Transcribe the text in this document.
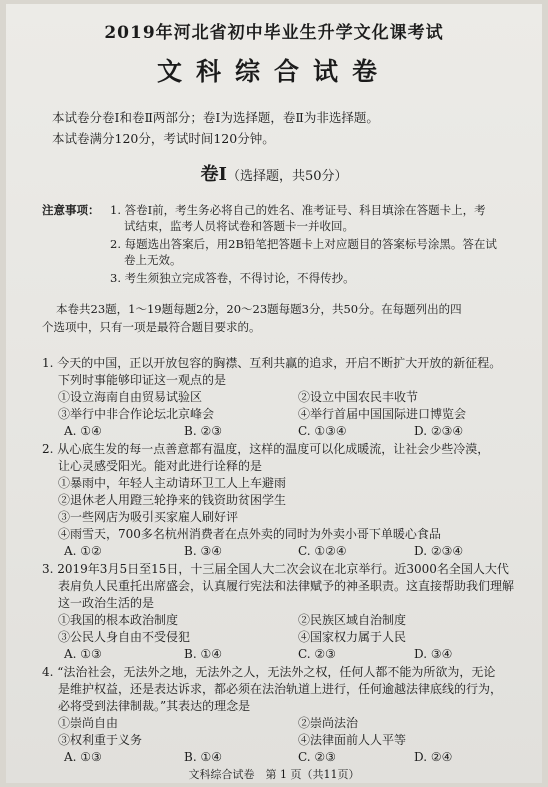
2019年河北省初中毕业生升学文化课考试
文科综合试卷
本试卷分卷Ⅰ和卷Ⅱ两部分；卷Ⅰ为选择题，卷Ⅱ为非选择题。
本试卷满分120分，考试时间120分钟。
卷Ⅰ（选择题，共50分）
注意事项： 1. 答卷Ⅰ前，考生务必将自己的姓名、准考证号、科目填涂在答题卡上，考
试结束，监考人员将试卷和答题卡一并收回。
2. 每题选出答案后，用2B铅笔把答题卡上对应题目的答案标号涂黑。答在试
卷上无效。
3. 考生须独立完成答卷，不得讨论，不得传抄。
本卷共23题，1～19题每题2分，20～23题每题3分，共50分。在每题列出的四
个选项中，只有一项是最符合题目要求的。
1. 今天的中国，正以开放包容的胸襟、互利共赢的追求，开启不断扩大开放的新征程。
下列时事能够印证这一观点的是
①设立海南自由贸易试验区	②设立中国农民丰收节
③举行中非合作论坛北京峰会	④举行首届中国国际进口博览会
A. ①④	B. ②③	C. ①③④	D. ②③④
2. 从心底生发的每一点善意都有温度，这样的温度可以化成暖流，让社会少些冷漠，
让心灵感受阳光。能对此进行诠释的是
①暴雨中，年轻人主动请环卫工人上车避雨
②退休老人用蹬三轮挣来的钱资助贫困学生
③一些网店为吸引买家雇人刷好评
④雨雪天，700多名杭州消费者在点外卖的同时为外卖小哥下单暖心食品
A. ①②	B. ③④	C. ①②④	D. ②③④
3. 2019年3月5日至15日，十三届全国人大二次会议在北京举行。近3000名全国人大代
表肩负人民重托出席盛会，认真履行宪法和法律赋予的神圣职责。这直接帮助我们理解
这一政治生活的是
①我国的根本政治制度	②民族区域自治制度
③公民人身自由不受侵犯	④国家权力属于人民
A. ①③	B. ①④	C. ②③	D. ③④
4. “法治社会，无法外之地，无法外之人，无法外之权，任何人都不能为所欲为，无论
是维护权益，还是表达诉求，都必须在法治轨道上进行，任何逾越法律底线的行为，
必将受到法律制裁。”其表达的理念是
①崇尚自由	②崇尚法治
③权利重于义务	④法律面前人人平等
A. ①③	B. ①④	C. ②③	D. ②④
文科综合试卷　第 1 页（共11页）
